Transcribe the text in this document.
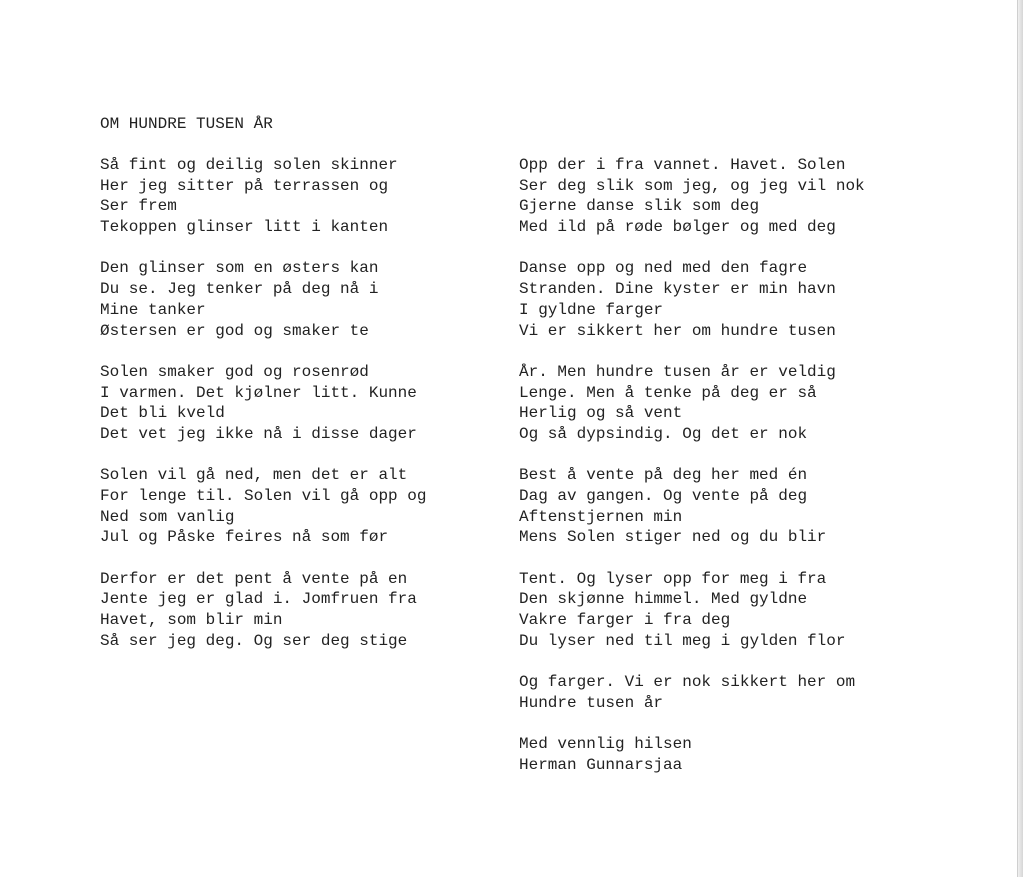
OM HUNDRE TUSEN ÅR
Så fint og deilig solen skinner
Her jeg sitter på terrassen og
Ser frem
Tekoppen glinser litt i kanten
Den glinser som en østers kan
Du se. Jeg tenker på deg nå i
Mine tanker
Østersen er god og smaker te
Solen smaker god og rosenrød
I varmen. Det kjølner litt. Kunne
Det bli kveld
Det vet jeg ikke nå i disse dager
Solen vil gå ned, men det er alt
For lenge til. Solen vil gå opp og
Ned som vanlig
Jul og Påske feires nå som før
Derfor er det pent å vente på en
Jente jeg er glad i. Jomfruen fra
Havet, som blir min
Så ser jeg deg. Og ser deg stige
Opp der i fra vannet. Havet. Solen
Ser deg slik som jeg, og jeg vil nok
Gjerne danse slik som deg
Med ild på røde bølger og med deg
Danse opp og ned med den fagre
Stranden. Dine kyster er min havn
I gyldne farger
Vi er sikkert her om hundre tusen
År. Men hundre tusen år er veldig
Lenge. Men å tenke på deg er så
Herlig og så vent
Og så dypsindig. Og det er nok
Best å vente på deg her med én
Dag av gangen. Og vente på deg
Aftenstjernen min
Mens Solen stiger ned og du blir
Tent. Og lyser opp for meg i fra
Den skjønne himmel. Med gyldne
Vakre farger i fra deg
Du lyser ned til meg i gylden flor
Og farger. Vi er nok sikkert her om
Hundre tusen år
Med vennlig hilsen
Herman Gunnarsjaa
